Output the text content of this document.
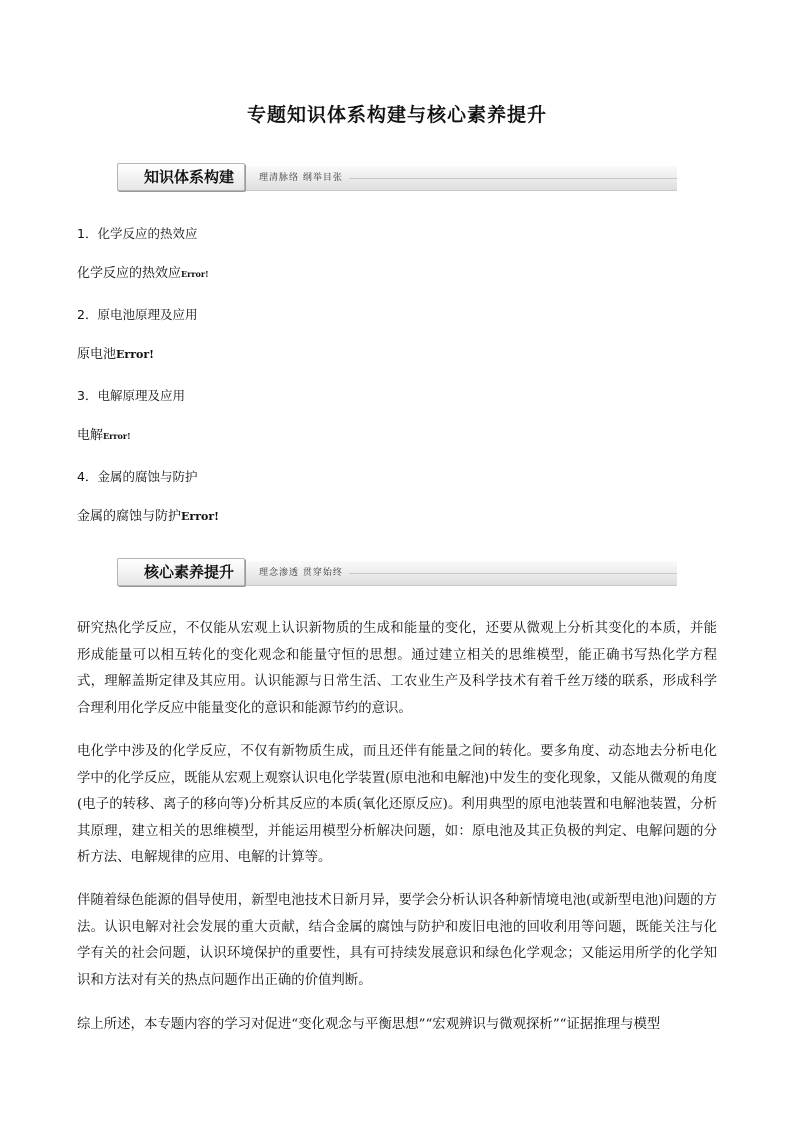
专题知识体系构建与核心素养提升
知识体系构建	理清脉络 纲举目张
1．化学反应的热效应
化学反应的热效应Error!
2．原电池原理及应用
原电池Error!
3．电解原理及应用
电解Error!
4．金属的腐蚀与防护
金属的腐蚀与防护Error!
核心素养提升	理念渗透 贯穿始终

研究热化学反应，不仅能从宏观上认识新物质的生成和能量的变化，还要从微观上分析其变化的本质，并能形成能量可以相互转化的变化观念和能量守恒的思想。通过建立相关的思维模型，能正确书写热化学方程式，理解盖斯定律及其应用。认识能源与日常生活、工农业生产及科学技术有着千丝万缕的联系，形成科学合理利用化学反应中能量变化的意识和能源节约的意识。

电化学中涉及的化学反应，不仅有新物质生成，而且还伴有能量之间的转化。要多角度、动态地去分析电化学中的化学反应，既能从宏观上观察认识电化学装置(原电池和电解池)中发生的变化现象，又能从微观的角度(电子的转移、离子的移向等)分析其反应的本质(氧化还原反应)。利用典型的原电池装置和电解池装置，分析其原理，建立相关的思维模型，并能运用模型分析解决问题，如：原电池及其正负极的判定、电解问题的分析方法、电解规律的应用、电解的计算等。

伴随着绿色能源的倡导使用，新型电池技术日新月异，要学会分析认识各种新情境电池(或新型电池)问题的方法。认识电解对社会发展的重大贡献，结合金属的腐蚀与防护和废旧电池的回收利用等问题，既能关注与化学有关的社会问题，认识环境保护的重要性，具有可持续发展意识和绿色化学观念；又能运用所学的化学知识和方法对有关的热点问题作出正确的价值判断。

综上所述，本专题内容的学习对促进“变化观念与平衡思想”“宏观辨识与微观探析”“证据推理与模型
